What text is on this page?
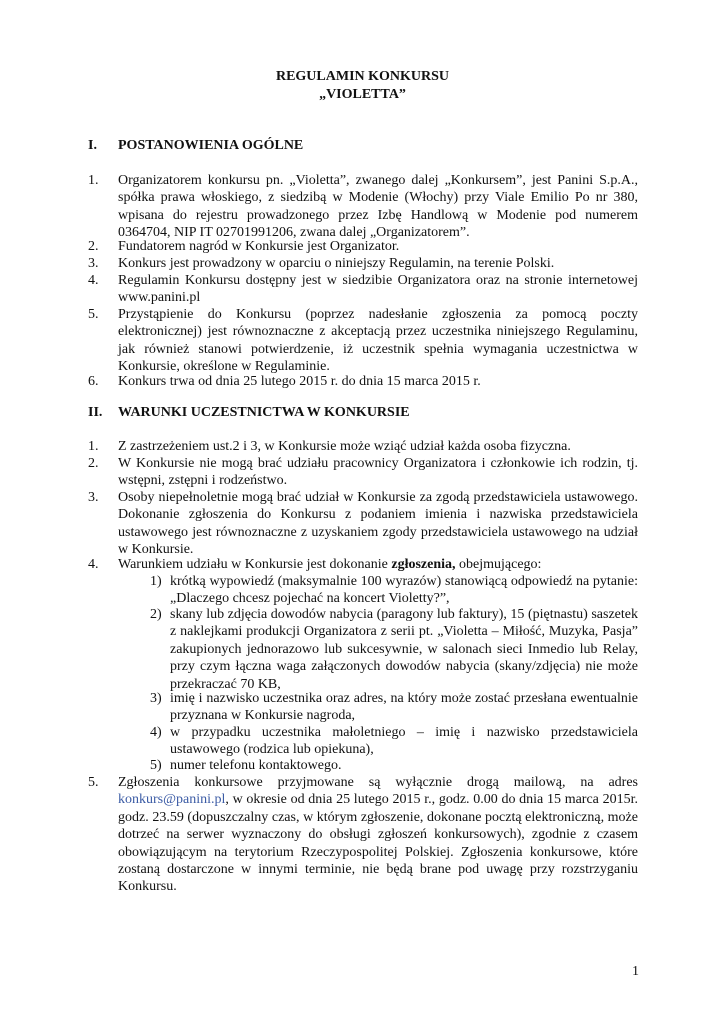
REGULAMIN KONKURSU
„VIOLETTA”
I. POSTANOWIENIA OGÓLNE
1. Organizatorem konkursu pn. „Violetta”, zwanego dalej „Konkursem”, jest Panini S.p.A., spółka prawa włoskiego, z siedzibą w Modenie (Włochy) przy Viale Emilio Po nr 380, wpisana do rejestru prowadzonego przez Izbę Handlową w Modenie pod numerem 0364704, NIP IT 02701991206, zwana dalej „Organizatorem”.
2. Fundatorem nagród w Konkursie jest Organizator.
3. Konkurs jest prowadzony w oparciu o niniejszy Regulamin, na terenie Polski.
4. Regulamin Konkursu dostępny jest w siedzibie Organizatora oraz na stronie internetowej www.panini.pl
5. Przystąpienie do Konkursu (poprzez nadesłanie zgłoszenia za pomocą poczty elektronicznej) jest równoznaczne z akceptacją przez uczestnika niniejszego Regulaminu, jak również stanowi potwierdzenie, iż uczestnik spełnia wymagania uczestnictwa w Konkursie, określone w Regulaminie.
6. Konkurs trwa od dnia 25 lutego 2015 r. do dnia 15 marca 2015 r.
II. WARUNKI UCZESTNICTWA W KONKURSIE
1. Z zastrzeżeniem ust.2 i 3, w Konkursie może wziąć udział każda osoba fizyczna.
2. W Konkursie nie mogą brać udziału pracownicy Organizatora i członkowie ich rodzin, tj. wstępni, zstępni i rodzeństwo.
3. Osoby niepełnoletnie mogą brać udział w Konkursie za zgodą przedstawiciela ustawowego. Dokonanie zgłoszenia do Konkursu z podaniem imienia i nazwiska przedstawiciela ustawowego jest równoznaczne z uzyskaniem zgody przedstawiciela ustawowego na udział w Konkursie.
4. Warunkiem udziału w Konkursie jest dokonanie zgłoszenia, obejmującego:
1) krótką wypowiedź (maksymalnie 100 wyrazów) stanowiącą odpowiedź na pytanie: „Dlaczego chcesz pojechać na koncert Violetty?”,
2) skany lub zdjęcia dowodów nabycia (paragony lub faktury), 15 (piętnastu) saszetek z naklejkami produkcji Organizatora z serii pt. „Violetta – Miłość, Muzyka, Pasja” zakupionych jednorazowo lub sukcesywnie, w salonach sieci Inmedio lub Relay, przy czym łączna waga załączonych dowodów nabycia (skany/zdjęcia) nie może przekraczać 70 KB,
3) imię i nazwisko uczestnika oraz adres, na który może zostać przesłana ewentualnie przyznana w Konkursie nagroda,
4) w przypadku uczestnika małoletniego – imię i nazwisko przedstawiciela ustawowego (rodzica lub opiekuna),
5) numer telefonu kontaktowego.
5. Zgłoszenia konkursowe przyjmowane są wyłącznie drogą mailową, na adres konkurs@panini.pl, w okresie od dnia 25 lutego 2015 r., godz. 0.00 do dnia 15 marca 2015r. godz. 23.59 (dopuszczalny czas, w którym zgłoszenie, dokonane pocztą elektroniczną, może dotrzeć na serwer wyznaczony do obsługi zgłoszeń konkursowych), zgodnie z czasem obowiązującym na terytorium Rzeczypospolitej Polskiej. Zgłoszenia konkursowe, które zostaną dostarczone w innymi terminie, nie będą brane pod uwagę przy rozstrzyganiu Konkursu.
1
